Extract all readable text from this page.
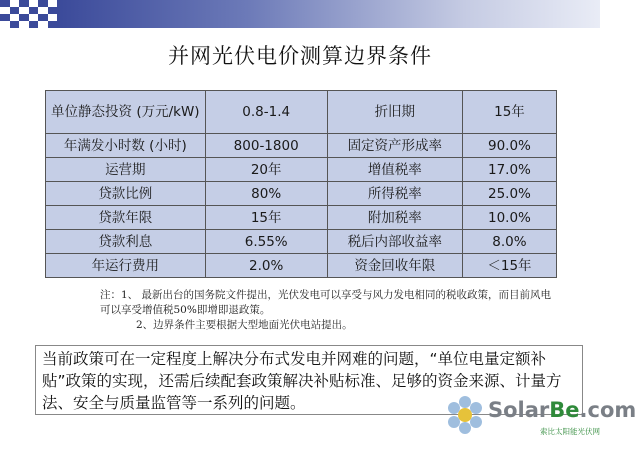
并网光伏电价测算边界条件
单位静态投资 (万元/kW)	0.8-1.4	折旧期	15年
年满发小时数 (小时)	800-1800	固定资产形成率	90.0%
运营期	20年	增值税率	17.0%
贷款比例	80%	所得税率	25.0%
贷款年限	15年	附加税率	10.0%
贷款利息	6.55%	税后内部收益率	8.0%
年运行费用	2.0%	资金回收年限	＜15年
注：1、 最新出台的国务院文件提出，光伏发电可以享受与风力发电相同的税收政策，而目前风电可以享受增值税50%即增即退政策。
2、边界条件主要根据大型地面光伏电站提出。
当前政策可在一定程度上解决分布式发电并网难的问题，“单位电量定额补贴”政策的实现，还需后续配套政策解决补贴标准、足够的资金来源、计量方法、安全与质量监管等一系列的问题。	SolarBe.com
索比太阳能光伏网
